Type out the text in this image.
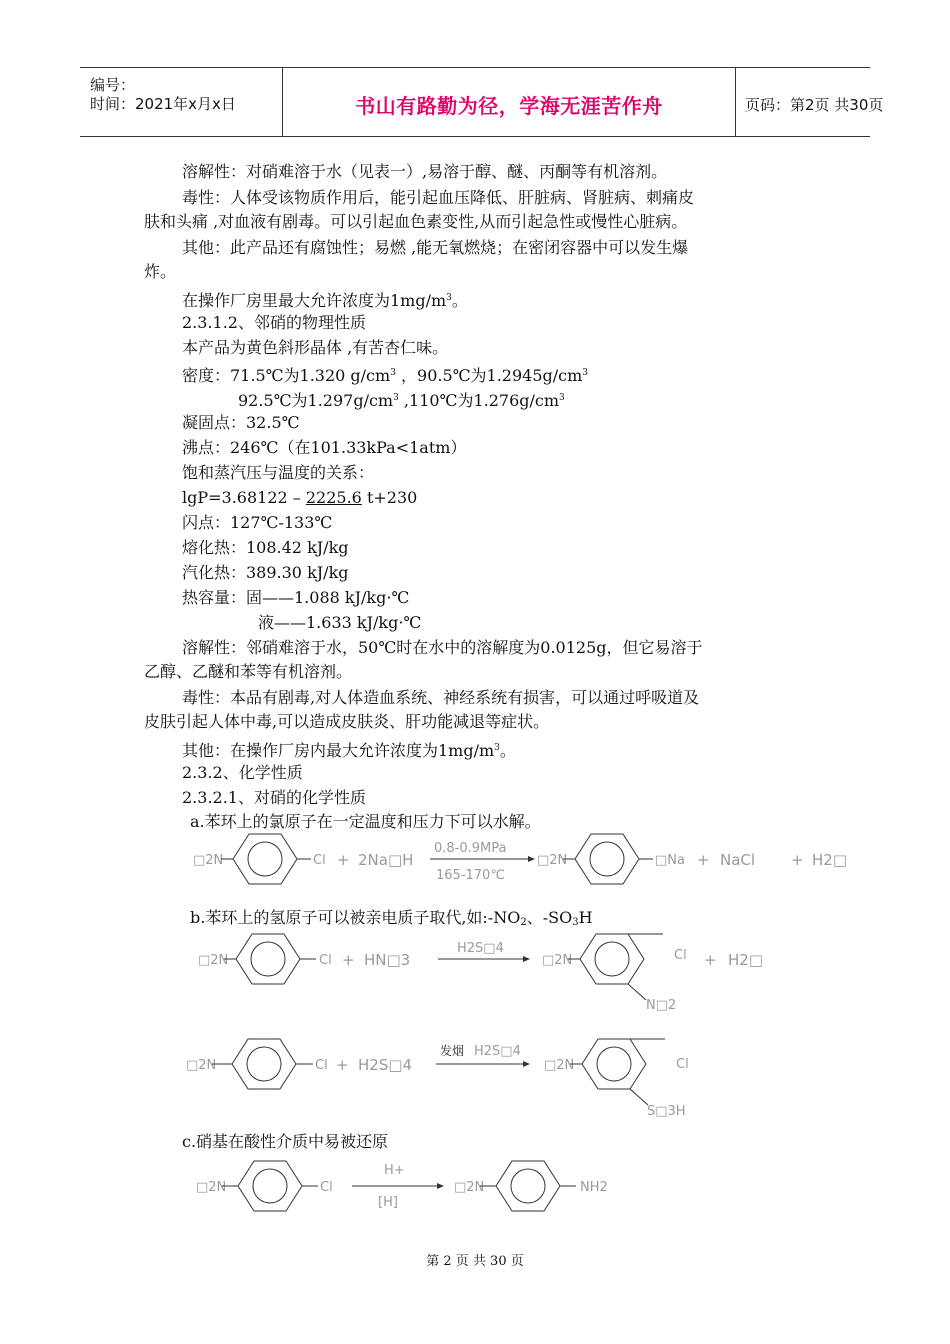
编号：
时间：2021年x月x日	书山有路勤为径，学海无涯苦作舟	页码：第2页 共30页
溶解性：对硝难溶于水（见表一）,易溶于醇、醚、丙酮等有机溶剂。
毒性：人体受该物质作用后，能引起血压降低、肝脏病、肾脏病、刺痛皮
肤和头痛 ,对血液有剧毒。可以引起血色素变性,从而引起急性或慢性心脏病。
其他：此产品还有腐蚀性；易燃 ,能无氧燃烧；在密闭容器中可以发生爆
炸。
在操作厂房里最大允许浓度为$1mg/m^3$。
2.3.1.2、邻硝的物理性质
本产品为黄色斜形晶体 ,有苦杏仁味。
密度：71.5℃为1.320 $g/cm^3$ ，90.5℃为$1.2945g/cm^3$
92.5℃为$1.297g/cm^3$ ,110℃为$1.276g/cm^3$
凝固点：32.5℃
沸点：246℃（在101.33kPa<1atm）
饱和蒸汽压与温度的关系：
lgP=3.68122 – 2225.6 t+230
闪点：127℃-133℃
熔化热：108.42 kJ/kg
汽化热：389.30 kJ/kg
热容量：固——1.088 kJ/kg·℃
液——1.633 kJ/kg·℃
溶解性：邻硝难溶于水，50℃时在水中的溶解度为0.0125g，但它易溶于
乙醇、乙醚和苯等有机溶剂。
毒性：本品有剧毒,对人体造血系统、神经系统有损害，可以通过呼吸道及
皮肤引起人体中毒,可以造成皮肤炎、肝功能减退等症状。
其他：在操作厂房内最大允许浓度为$1mg/m^3$。
2.3.2、化学性质
2.3.2.1、对硝的化学性质
a.苯环上的氯原子在一定温度和压力下可以水解。
□2N	Cl + 2Na□H
0.8-0.9MPa
165-170℃
□2N	□Na + NaCl + H2□
b.苯环上的氢原子可以被亲电质子取代,如$:-NO_2$、$-SO_3H$
□2N	Cl + HN□3
H2S□4
□2N	Cl
N□2
+ H2□
□2N	Cl + H2S□4
发烟 H2S□4
□2N	Cl
S□3H
c.硝基在酸性介质中易被还原
□2N	Cl
H+
[H]
□2N	NH2
第 2 页 共 30 页
